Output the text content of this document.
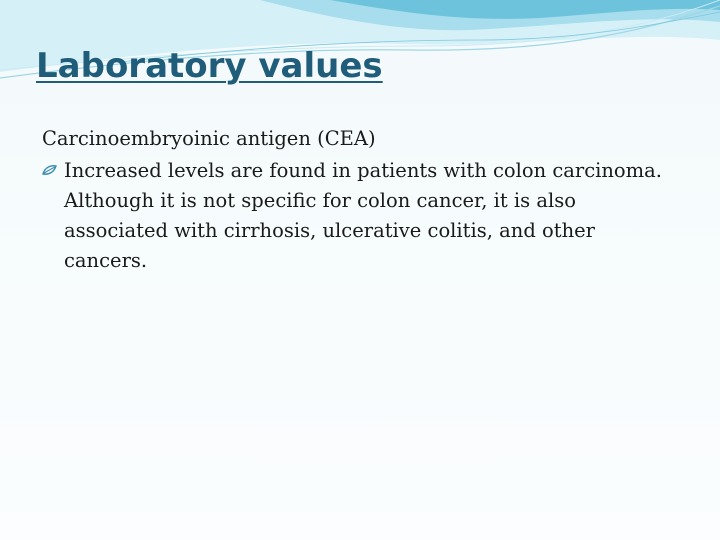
Laboratory values

Carcinoembryoinic antigen (CEA)

Increased levels are found in patients with colon carcinoma. Although it is not specific for colon cancer, it is also associated with cirrhosis, ulcerative colitis, and other cancers.
